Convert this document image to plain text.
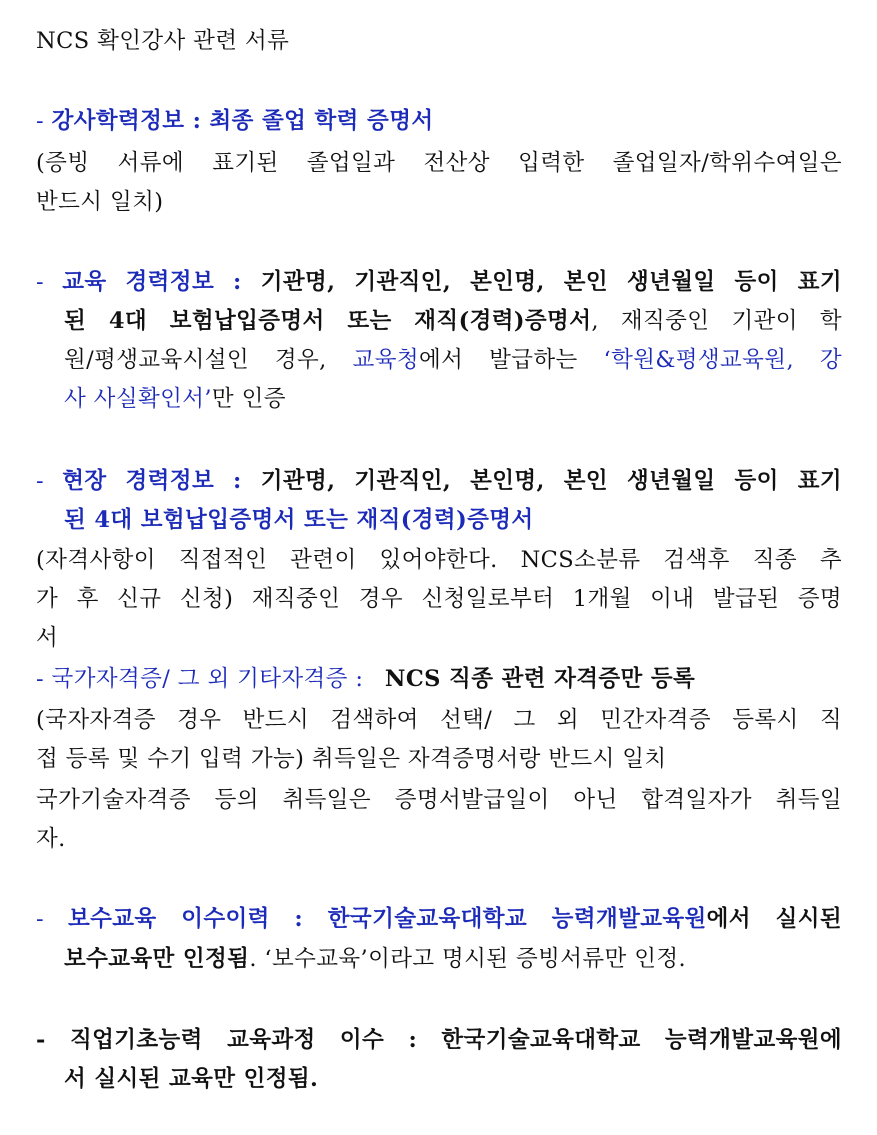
NCS 확인강사 관련 서류
- 강사학력정보 : 최종 졸업 학력 증명서
(증빙 서류에 표기된 졸업일과 전산상 입력한 졸업일자/학위수여일은
반드시 일치)
- 교육 경력정보 : 기관명, 기관직인, 본인명, 본인 생년월일 등이 표기
된 4대 보험납입증명서 또는 재직(경력)증명서, 재직중인 기관이 학
원/평생교육시설인 경우, 교육청에서 발급하는 ‘학원&평생교육원, 강
사 사실확인서’만 인증
- 현장 경력정보 : 기관명, 기관직인, 본인명, 본인 생년월일 등이 표기
된 4대 보험납입증명서 또는 재직(경력)증명서
(자격사항이 직접적인 관련이 있어야한다. NCS소분류 검색후 직종 추
가 후 신규 신청) 재직중인 경우 신청일로부터 1개월 이내 발급된 증명
서
- 국가자격증/ 그 외 기타자격증 : NCS 직종 관련 자격증만 등록
(국자자격증 경우 반드시 검색하여 선택/ 그 외 민간자격증 등록시 직
접 등록 및 수기 입력 가능) 취득일은 자격증명서랑 반드시 일치
국가기술자격증 등의 취득일은 증명서발급일이 아닌 합격일자가 취득일
자.
- 보수교육 이수이력 : 한국기술교육대학교 능력개발교육원에서 실시된
보수교육만 인정됨. ‘보수교육’이라고 명시된 증빙서류만 인정.
- 직업기초능력 교육과정 이수 : 한국기술교육대학교 능력개발교육원에
서 실시된 교육만 인정됨.
